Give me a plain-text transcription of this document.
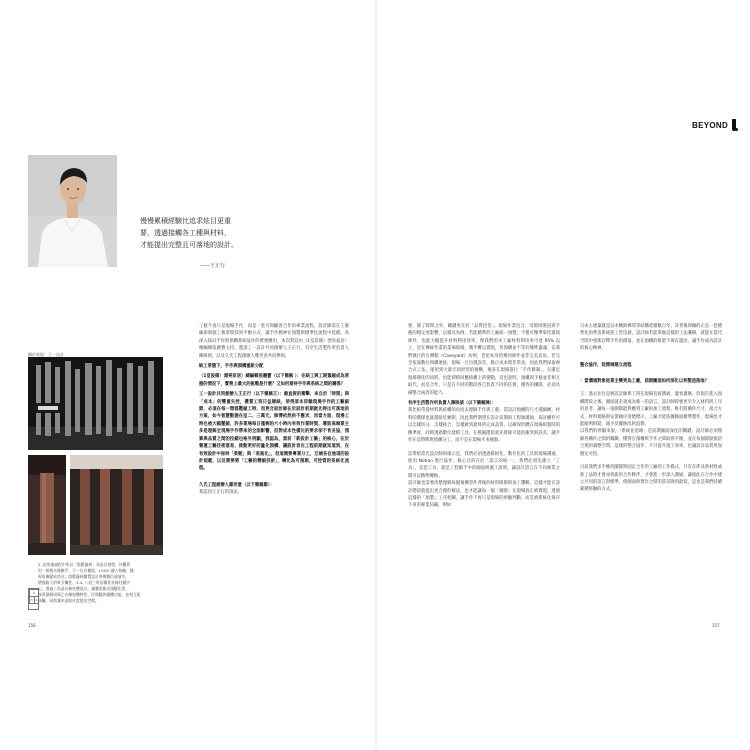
BEYOND
慢慢累積經驗比追求炫目更重
要，透過接觸各工種與材料，
才能提出完整且可落地的設計。
——王正行
攝於產地：王一設計
2
3 4
2. 依所處過程中所以「陰鬱蟲林」為設計發想，外觀利
用一根根木條橫平、不一長長橫面，LOGO 融入格柵，隨
視角漸變成淡光；陰鬱蟲林屢置設計參與數位通演失，
增強路人的吸引觸性。3.4. 八道三角招構界長條柱擺中
心，透過三角造長條柱體設計，讓牆面都長頭變化著，
接著讓與周場之在陳視體特性，民間變異鋪體功能，並相互配
接觸，同時讓木造結化度提出空間。

工藝不再只是現場手作，而是一套可與顧客合作的專業流程，設計師需在工藝細節與施工執掌間找到平衡方式，讓手作精神在預製與標準化流程中延續。為深入探討手作與預構系統協作的實務應用，本次對話由（1室設備）漂亮家居）總編輯張麗寶主持，邀請工一設計共同創辦人王正行，有序生活製作所負責人陳映偵，以及久氏工程創辦人鄭世意共同參與。

缺工常態下，手作與預構重新分配

（1室設備）漂亮家居）總編輯張麗寶（以下簡稱 ）：在缺工與工期緊縮成為常態的情況下，實務上最大的挑戰是什麼？又如何看待手作與系統之間的關係？

工一設計共同創辦人王正行（以下簡稱王）：最直接的衝擊，來自於「時間」與「成本」的雙重失控，優質工班日益稀缺，使得原本仰賴現場手作的工藝細節，必須在每一環都壓縮工時，而更合設計師在於設計前期就先得出可落地的方案，如今智慧動態在室二、三萬元，師傅依然供不應求，而當方面，現場工時也被大幅壓縮，許多業場每日僅剩的六小時內有效作業時間，導致高端業主多是理解全現場手作帶來的全面影響，但對成本性價比的要求卻不肯妥協，預算與品質之間的拉鋸也格外明顯，我認為，當前「新設計工藝」的核心，在於營運工藝技術落差，推動更好的量化預構、讓設計者在工程前期就知道到，在有效設計中保持「柔韌」與「差異化」，但這需要專業分工，互補各自強項的設計規範，以及需要將「工藝的精細技術」，轉化為可預期、可控管的系統化流程。

久氏工程創辦人鄭世意（以下簡稱鄭）：

我認同王正行的說法，

要，除了時間之外，關鍵更在於「品質控管」。現場作業包含，受環境變因與手藝的穩定度影響，以模具為例，若能精準的工廠統一預製，不僅可精準掌控環境條件，也能大幅提升材料利用效率，像我們的木工廠材料利用率可達 95% 以上，這在傳統作業的業場現場，幾乎難以實現，但預構並不等於犧牲靈魂，以我們執行的台灣館（Caveyard）為例，老屋本身的幾何條件並非完美直角，若完全依靠數位預構連接，現場一旦出現誤差，修正成本將非常高，因此我們採取複合式工法，運用到大量牢固原型的預構，後來在現場進行「手作微調」，在滿足現場變化的同時，也能即時回應結構上的變動，這也說明，預構與手藝並非相互取代，而是合作，只是在不同的階段各自負責不同的任務，優秀的團隊，必須具備整合兩者的能力。

有序生活製作所負責人陳映偵（以下簡稱陳）：

我比較常從材料與結構的角度去理解手作與工藝，當設計預構的尺寸越細緻，材料的選擇也就越接近極限，因此我們期望在設計前期與工程師溝通，探討構件可以怎樣切分、怎樣接合、怎樣做到最終的完成品質，以確保形體在現場組裝時的精準度，同時透過數位建模工具，在模擬階段就先排除可能的衝突與誤差，讓手作在這時期與預構分工，而不是在現場才來補救。

這帶給當代設計師的啟示是，我們必須透過模組化、數位化的工具與現場溝通，使用 Notion 進行協作，核心目的在於「語言的統一」，我們必須先建立「工具」，這套工具，就是工程師手中的圖面與施工說明，讓設計語言在不同專業之間可以精準轉換。

設計師也需要清楚理解每個預構零件背後的材料限制與加工邏輯，這樣才能在設計階段就提出更合理的解法，也才能讓每一個「細節」在現場真正被實現，透過這樣的「預製」工序把關，讓手作不再只是現場的經驗判斷，而是被系統化保存下來的專業知識，例如

日本古建築就是以木構與榫卯等結構延續數百年，其背後仰賴的正是一套標準化的營造系統與工匠技藝，設計師若能掌握這樣的工法邏輯，就能在當代空間中重新詮釋手作的價值，並在預構的框架下保有溫度，讓手作成為設計的核心精神。

整合協作，從開端建立流程

：當溝通對象從業主變更為工廠，前期圖面如何深化以利製造落地？

王：過去往往是被設計師與工班在現場直接溝通、邊看邊修，但現在進入預構階段之後，圖面就必須成為唯一的語言，設計師得要更早介入材料與工序的思考，讓每一張圖都能對應到工廠的加工流程。唯有將構件尺寸、接合方式、材料規格與安裝順序清楚標示，工廠才能依據圖面精準製作，現場也才能順利組裝，減少反覆修改與浪費。

以我們的經驗來說，「系統化思維」是前期圖面深化的關鍵。設計師必須理解各構件之間的關聯，懂得在預構與手作之間取得平衡，並在每個節點預留合理的調整空間。這樣的整合協作，不只提升施工效率，也讓設計品質更加穩定可控。

目前我們多半維持團隊與固定合作的工廠的工作模式，只有在涉及新材料或新工法時才會尋找新的合作夥伴，才會進一步深入溝通，讓彼此在合作中建立共同的語言與標準，使圖面與實作之間的落差降到最低，這也是我們持續累積經驗的方式。

156	157
